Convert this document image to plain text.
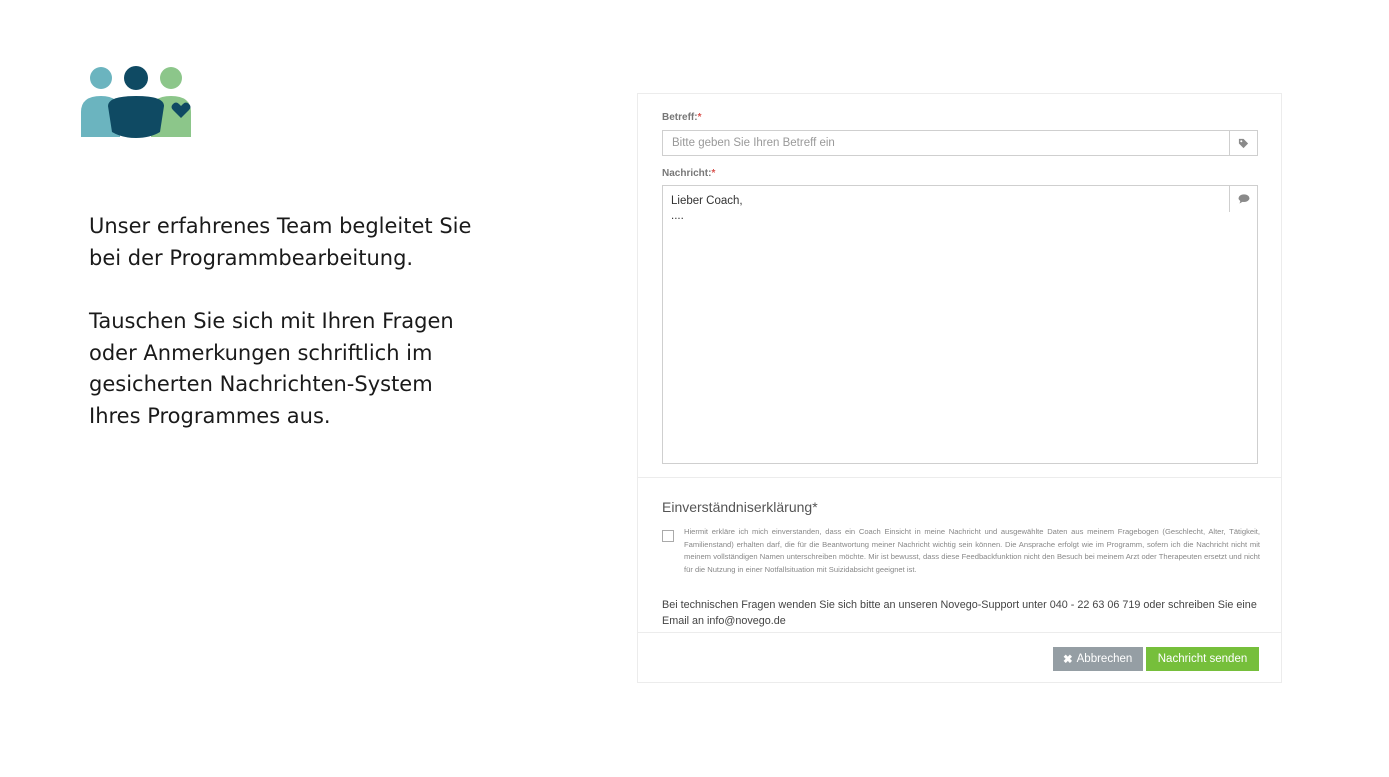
Unser erfahrenes Team begleitet Sie bei der Programmbearbeitung.

Tauschen Sie sich mit Ihren Fragen oder Anmerkungen schriftlich im gesicherten Nachrichten-System Ihres Programmes aus.

Betreff:*
Bitte geben Sie Ihren Betreff ein
Nachricht:*
Lieber Coach,
....
Einverständniserklärung*
Hiermit erkläre ich mich einverstanden, dass ein Coach Einsicht in meine Nachricht und ausgewählte Daten aus meinem Fragebogen (Geschlecht, Alter, Tätigkeit, Familienstand) erhalten darf, die für die Beantwortung meiner Nachricht wichtig sein können. Die Ansprache erfolgt wie im Programm, sofern ich die Nachricht nicht mit meinem vollständigen Namen unterschreiben möchte. Mir ist bewusst, dass diese Feedbackfunktion nicht den Besuch bei meinem Arzt oder Therapeuten ersetzt und nicht für die Nutzung in einer Notfallsituation mit Suizidabsicht geeignet ist.
Bei technischen Fragen wenden Sie sich bitte an unseren Novego-Support unter 040 - 22 63 06 719 oder schreiben Sie eine Email an info@novego.de
✖ Abbrechen Nachricht senden
